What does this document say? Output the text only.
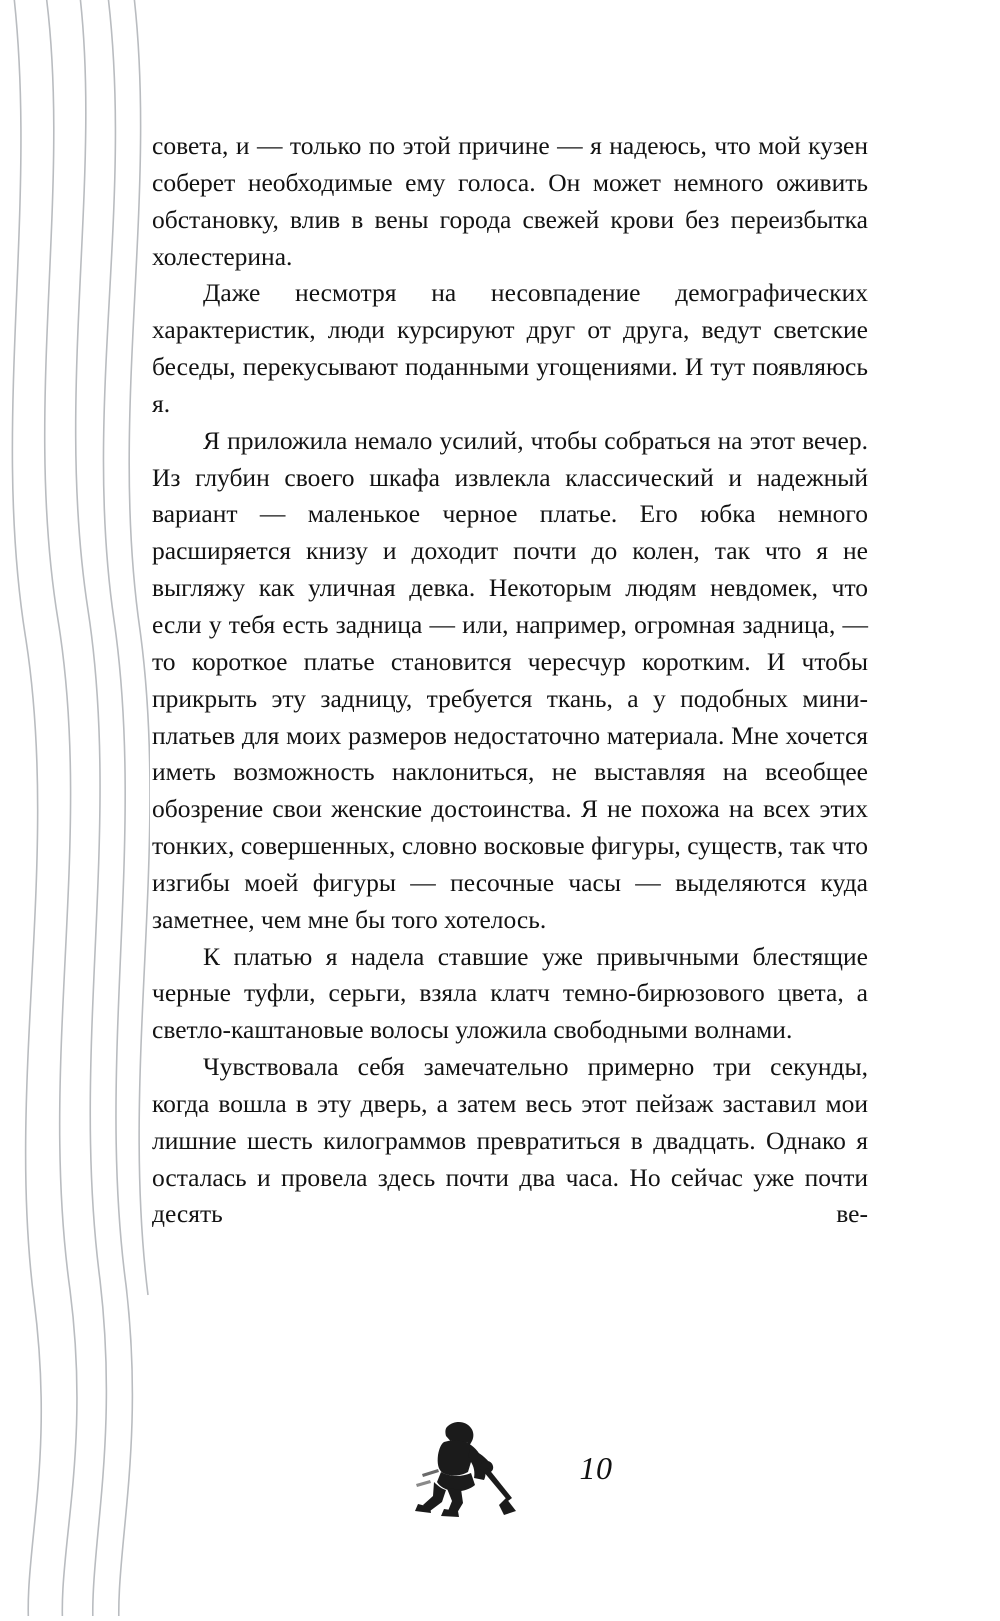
совета, и — только по этой причине — я надеюсь, что мой кузен соберет необходимые ему голоса. Он может немного оживить обстановку, влив в вены города свежей крови без переизбытка холестерина.

Даже несмотря на несовпадение демографических характеристик, люди курсируют друг от друга, ведут светские беседы, перекусывают поданными угощениями. И тут появляюсь я.

Я приложила немало усилий, чтобы собраться на этот вечер. Из глубин своего шкафа извлекла классический и надежный вариант — маленькое черное платье. Его юбка немного расширяется книзу и доходит почти до колен, так что я не выгляжу как уличная девка. Некоторым людям невдомек, что если у тебя есть задница — или, например, огромная задница, — то короткое платье становится чересчур коротким. И чтобы прикрыть эту задницу, требуется ткань, а у подобных мини-платьев для моих размеров недостаточно материала. Мне хочется иметь возможность наклониться, не выставляя на всеобщее обозрение свои женские достоинства. Я не похожа на всех этих тонких, совершенных, словно восковые фигуры, существ, так что изгибы моей фигуры — песочные часы — выделяются куда заметнее, чем мне бы того хотелось.

К платью я надела ставшие уже привычными блестящие черные туфли, серьги, взяла клатч темно-бирюзового цвета, а светло-каштановые волосы уложила свободными волнами.

Чувствовала себя замечательно примерно три секунды, когда вошла в эту дверь, а затем весь этот пейзаж заставил мои лишние шесть килограммов превратиться в двадцать. Однако я осталась и провела здесь почти два часа. Но сейчас уже почти десять ве-

10
